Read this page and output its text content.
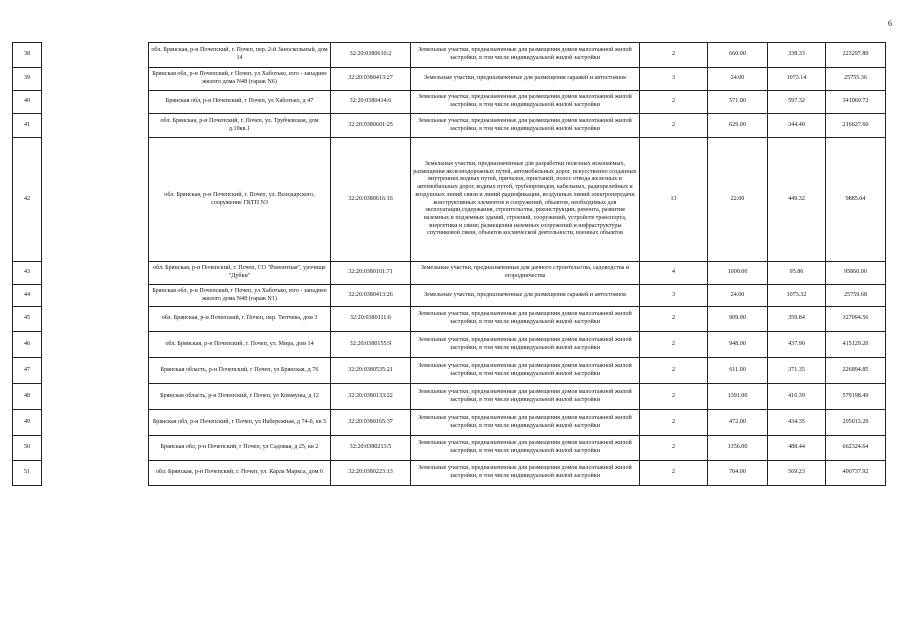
6
38		обл. Брянская, р-н Почепский, г. Почеп, пер. 2-й Заноскольный, дом 14	32:20:0380610:2	Земельные участки, предназначенные для размещения домов малоэтажной жилой застройки, в том числе индивидуальной жилой застройки	2	660.00	338.33	223297.80
39		Брянская обл, р-н Почепский, г Почеп, ул Хаботько, юго - западнее жилого дома N48 (гараж N6)	32:20:0380413:27	Земельные участки, предназначенные для размещения гаражей и автостоянок	3	24.00	1073.14	25755.36
40		Брянская обл, р-н Почепский, г Почеп, ул Хаботько, д 47	32:20:0380414:6	Земельные участки, предназначенные для размещения домов малоэтажной жилой застройки, в том числе индивидуальной жилой застройки	2	571.00	597.32	341069.72
41		обл. Брянская, р-н Почепский, г. Почеп, ул. Трубчевская, дом д.10кв.1	32:20:0380601:25	Земельные участки, предназначенные для размещения домов малоэтажной жилой застройки, в том числе индивидуальной жилой застройки	2	629.00	344.40	216627.60
42		обл. Брянская, р-н Почепский, г. Почеп, ул. Володарского, сооружение ГКТП N3	32:20:0380616:16	Земельные участки, предназначенные для разработки полезных ископаемых, размещения железнодорожных путей, автомобильных дорог, искусственно созданных внутренних водных путей, причалов, пристаней, полос отвода железных и автомобильных дорог, водных путей, трубопроводов, кабельных, радиорелейных и воздушных линий связи и линий радиофикации, воздушных линий электропередачи конструктивных элементов и сооружений, объектов, необходимых для эксплуатации,содержания, строительства, реконструкции, ремонта, развития наземных и подземных зданий, строений, сооружений, устройств транспорта, энергетики и связи; размещения наземных сооружений и инфраструктуры спутниковой связи, объектов космической деятельности, военных объектов	13	22.00	449.32	9885.04
43		обл. Брянская, р-н Почепский, г. Почеп, СО "Ремонтная", урочище "Дубки"	32:20:0380101:71	Земельные участки, предназначенные для дачного строительства, садоводства и огородничества	4	1000.00	95.86	95860.00
44		Брянская обл, р-н Почепский, г Почеп, ул Хаботько, юго - западнее жилого дома N48 (гараж N1)	32:20:0380413:26	Земельные участки, предназначенные для размещения гаражей и автостоянок	3	24.00	1073.32	25759.68
45		обл. Брянская, р-н Почепский, г. Почеп, пер. Тютчева, дом 3	32:20:0380111:6	Земельные участки, предназначенные для размещения домов малоэтажной жилой застройки, в том числе индивидуальной жилой застройки	2	909.00	359.84	327094.56
46		обл. Брянская, р-н Почепский, г. Почеп, ул. Мира, дом 14	32:20:0380155:9	Земельные участки, предназначенные для размещения домов малоэтажной жилой застройки, в том числе индивидуальной жилой застройки	2	948.00	437.90	415129.20
47		Брянская область, р-н Почепский, г Почеп, ул Брянская, д 76	32:20:0380535:21	Земельные участки, предназначенные для размещения домов малоэтажной жилой застройки, в том числе индивидуальной жилой застройки	2	611.00	371.35	226894.85
48		Брянская область, р-н Почепский, г Почеп, ул Коммуны, д 12	32:20:0380133:22	Земельные участки, предназначенные для размещения домов малоэтажной жилой застройки, в том числе индивидуальной жилой застройки	2	1391.00	416.39	579198.49
49		Брянская обл, р-н Почепский, г Почеп, ул Набережная, д 74-б, кв 5	32:20:0380165:37	Земельные участки, предназначенные для размещения домов малоэтажной жилой застройки, в том числе индивидуальной жилой застройки	2	472.00	434.35	205013.20
50		Брянская обл, р-н Почепский, г Почеп, ул Садовая, д 25, кв 2	32:20:0380213:5	Земельные участки, предназначенные для размещения домов малоэтажной жилой застройки, в том числе индивидуальной жилой застройки	2	1356.00	488.44	662324.64
51		обл. Брянская, р-н Почепский, г. Почеп, ул. Карла Маркса, дом 6	32:20:0380223:13	Земельные участки, предназначенные для размещения домов малоэтажной жилой застройки, в том числе индивидуальной жилой застройки	2	704.00	569.23	400737.92
